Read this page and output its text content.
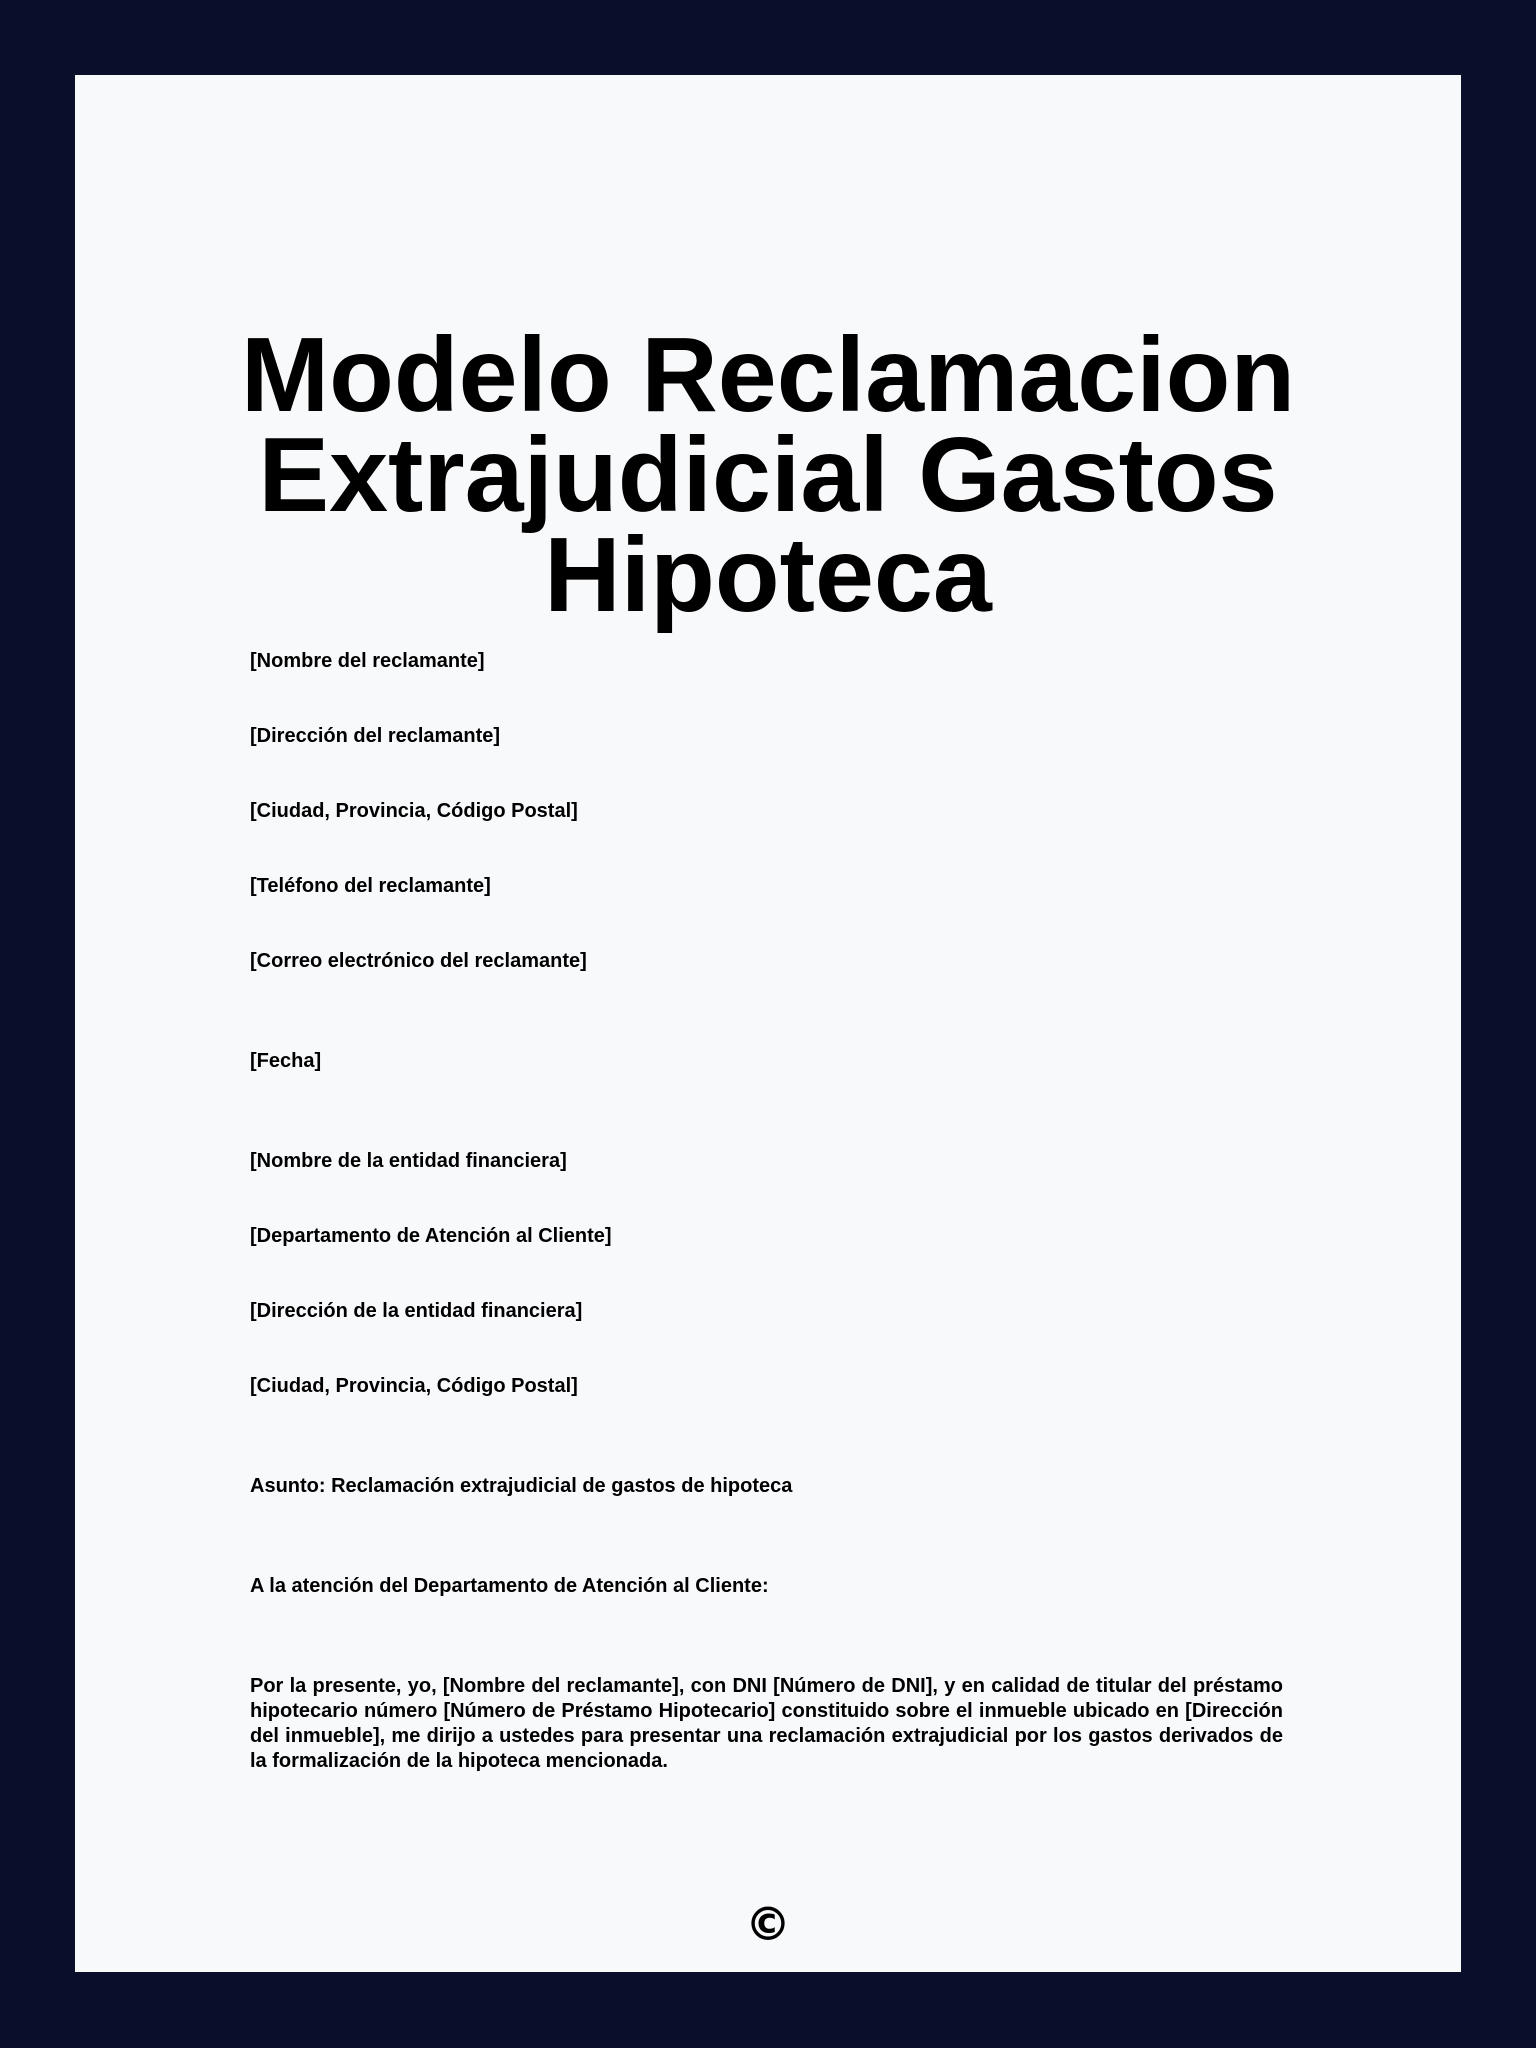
Modelo Reclamacion Extrajudicial Gastos Hipoteca

[Nombre del reclamante]

[Dirección del reclamante]

[Ciudad, Provincia, Código Postal]

[Teléfono del reclamante]

[Correo electrónico del reclamante]

[Fecha]

[Nombre de la entidad financiera]

[Departamento de Atención al Cliente]

[Dirección de la entidad financiera]

[Ciudad, Provincia, Código Postal]

Asunto: Reclamación extrajudicial de gastos de hipoteca

A la atención del Departamento de Atención al Cliente:

Por la presente, yo, [Nombre del reclamante], con DNI [Número de DNI], y en calidad de titular del préstamo hipotecario número [Número de Préstamo Hipotecario] constituido sobre el inmueble ubicado en [Dirección del inmueble], me dirijo a ustedes para presentar una reclamación extrajudicial por los gastos derivados de la formalización de la hipoteca mencionada.

©
